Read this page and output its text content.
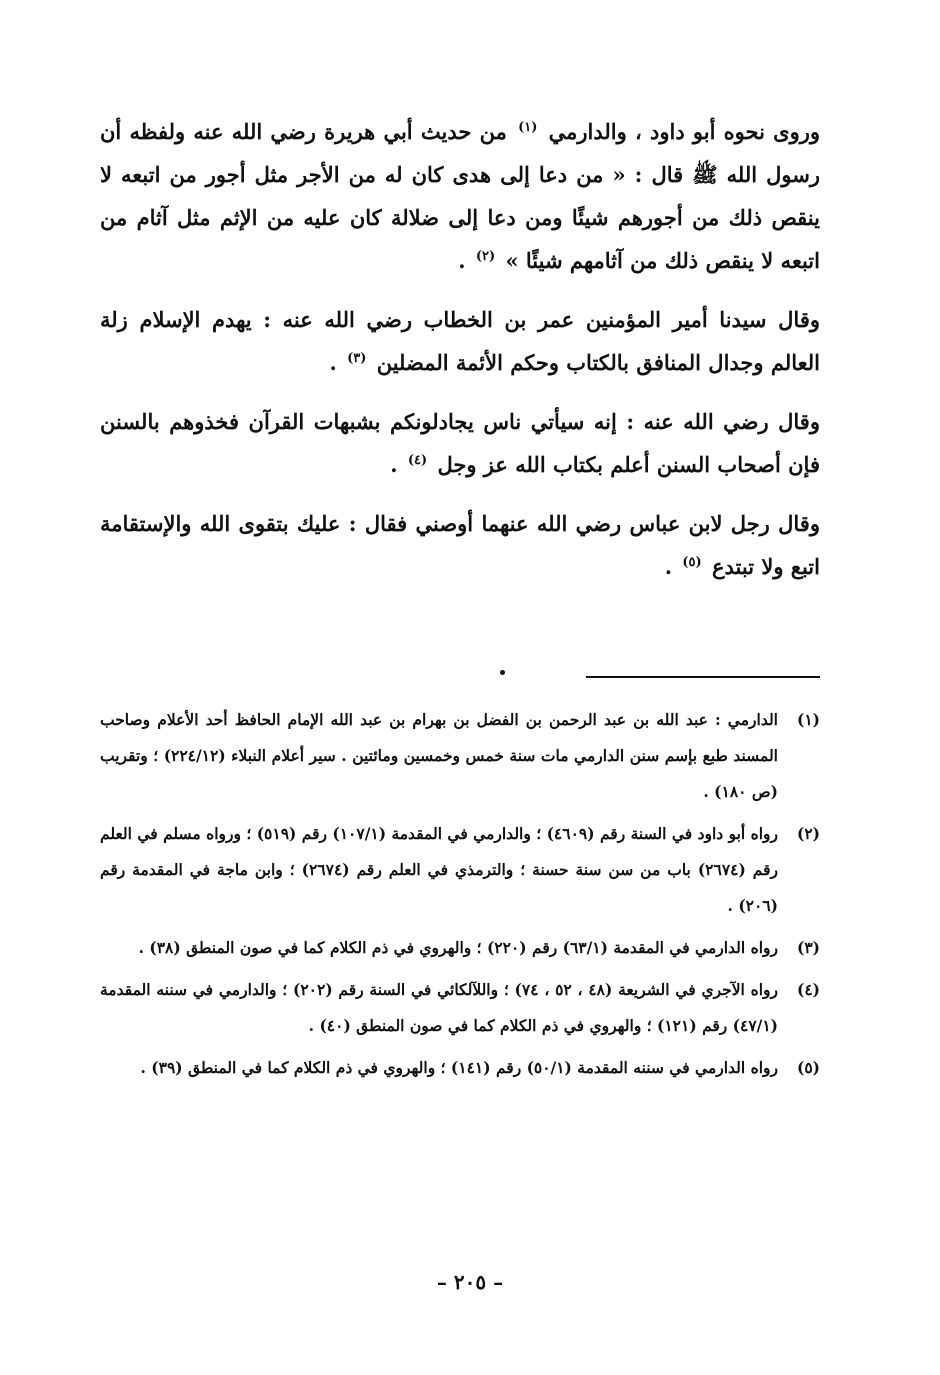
وروى نحوه أبو داود ، والدارمي $^{(١)}$ من حديث أبي هريرة رضي الله عنه ولفظه أن رسول الله ﷺ قال : « من دعا إلى هدى كان له من الأجر مثل أجور من اتبعه لا ينقص ذلك من أجورهم شيئًا ومن دعا إلى ضلالة كان عليه من الإثم مثل آثام من اتبعه لا ينقص ذلك من آثامهم شيئًا » $^{(٢)}$ .

وقال سيدنا أمير المؤمنين عمر بن الخطاب رضي الله عنه : يهدم الإسلام زلة العالم وجدال المنافق بالكتاب وحكم الأئمة المضلين $^{(٣)}$ .

وقال رضي الله عنه : إنه سيأتي ناس يجادلونكم بشبهات القرآن فخذوهم بالسنن فإن أصحاب السنن أعلم بكتاب الله عز وجل $^{(٤)}$ .

وقال رجل لابن عباس رضي الله عنهما أوصني فقال : عليك بتقوى الله والإستقامة اتبع ولا تبتدع $^{(٥)}$ .

(١)
الدارمي : عبد الله بن عبد الرحمن بن الفضل بن بهرام بن عبد الله الإمام الحافظ أحد الأعلام وصاحب المسند طبع بإسم سنن الدارمي مات سنة خمس وخمسين ومائتين . سير أعلام النبلاء (٢٢٤/١٢) ؛ وتقريب (ص ١٨٠) .
(٢)
رواه أبو داود في السنة رقم (٤٦٠٩) ؛ والدارمي في المقدمة (١٠٧/١) رقم (٥١٩) ؛ ورواه مسلم في العلم رقم (٢٦٧٤) باب من سن سنة حسنة ؛ والترمذي في العلم رقم (٢٦٧٤) ؛ وابن ماجة في المقدمة رقم (٢٠٦) .
(٣)
رواه الدارمي في المقدمة (٦٣/١) رقم (٢٢٠) ؛ والهروي في ذم الكلام كما في صون المنطق (٣٨) .
(٤)
رواه الآجري في الشريعة (٤٨ ، ٥٢ ، ٧٤) ؛ واللآلكائي في السنة رقم (٢٠٢) ؛ والدارمي في سننه المقدمة (٤٧/١) رقم (١٢١) ؛ والهروي في ذم الكلام كما في صون المنطق (٤٠) .
(٥)
رواه الدارمي في سننه المقدمة (٥٠/١) رقم (١٤١) ؛ والهروي في ذم الكلام كما في المنطق (٣٩) .
– ٢٠٥ –
